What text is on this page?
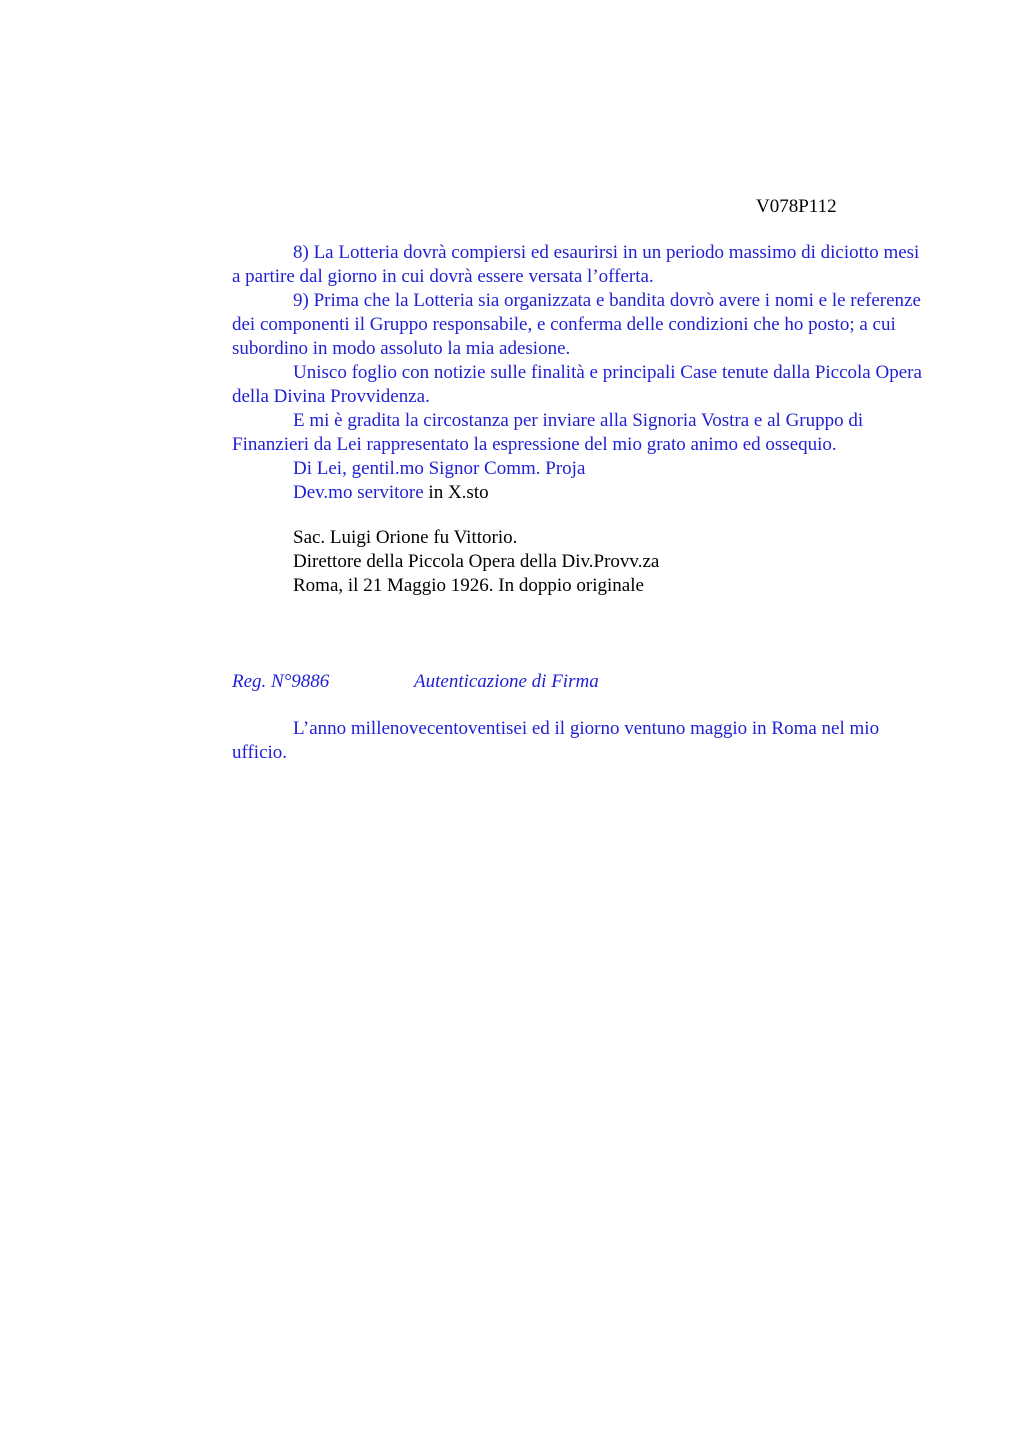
V078P112

8) La Lotteria dovrà compiersi ed esaurirsi in un periodo massimo di diciotto mesi a partire dal giorno in cui dovrà essere versata l’offerta.

9) Prima che la Lotteria sia organizzata e bandita dovrò avere i nomi e le referenze dei componenti il Gruppo responsabile, e conferma delle condizioni che ho posto; a cui subordino in modo assoluto la mia adesione.

Unisco foglio con notizie sulle finalità e principali Case tenute dalla Piccola Opera della Divina Provvidenza.

E mi è gradita la circostanza per inviare alla Signoria Vostra e al Gruppo di Finanzieri da Lei rappresentato la espressione del mio grato animo ed ossequio.

Di Lei, gentil.mo Signor Comm. Proja

Dev.mo servitore in X.sto

Sac. Luigi Orione fu Vittorio.
Direttore della Piccola Opera della Div.Provv.za
Roma, il 21 Maggio 1926. In doppio originale
Reg. N°9886	Autenticazione di Firma

L’anno millenovecentoventisei ed il giorno ventuno maggio in Roma nel mio ufficio.
